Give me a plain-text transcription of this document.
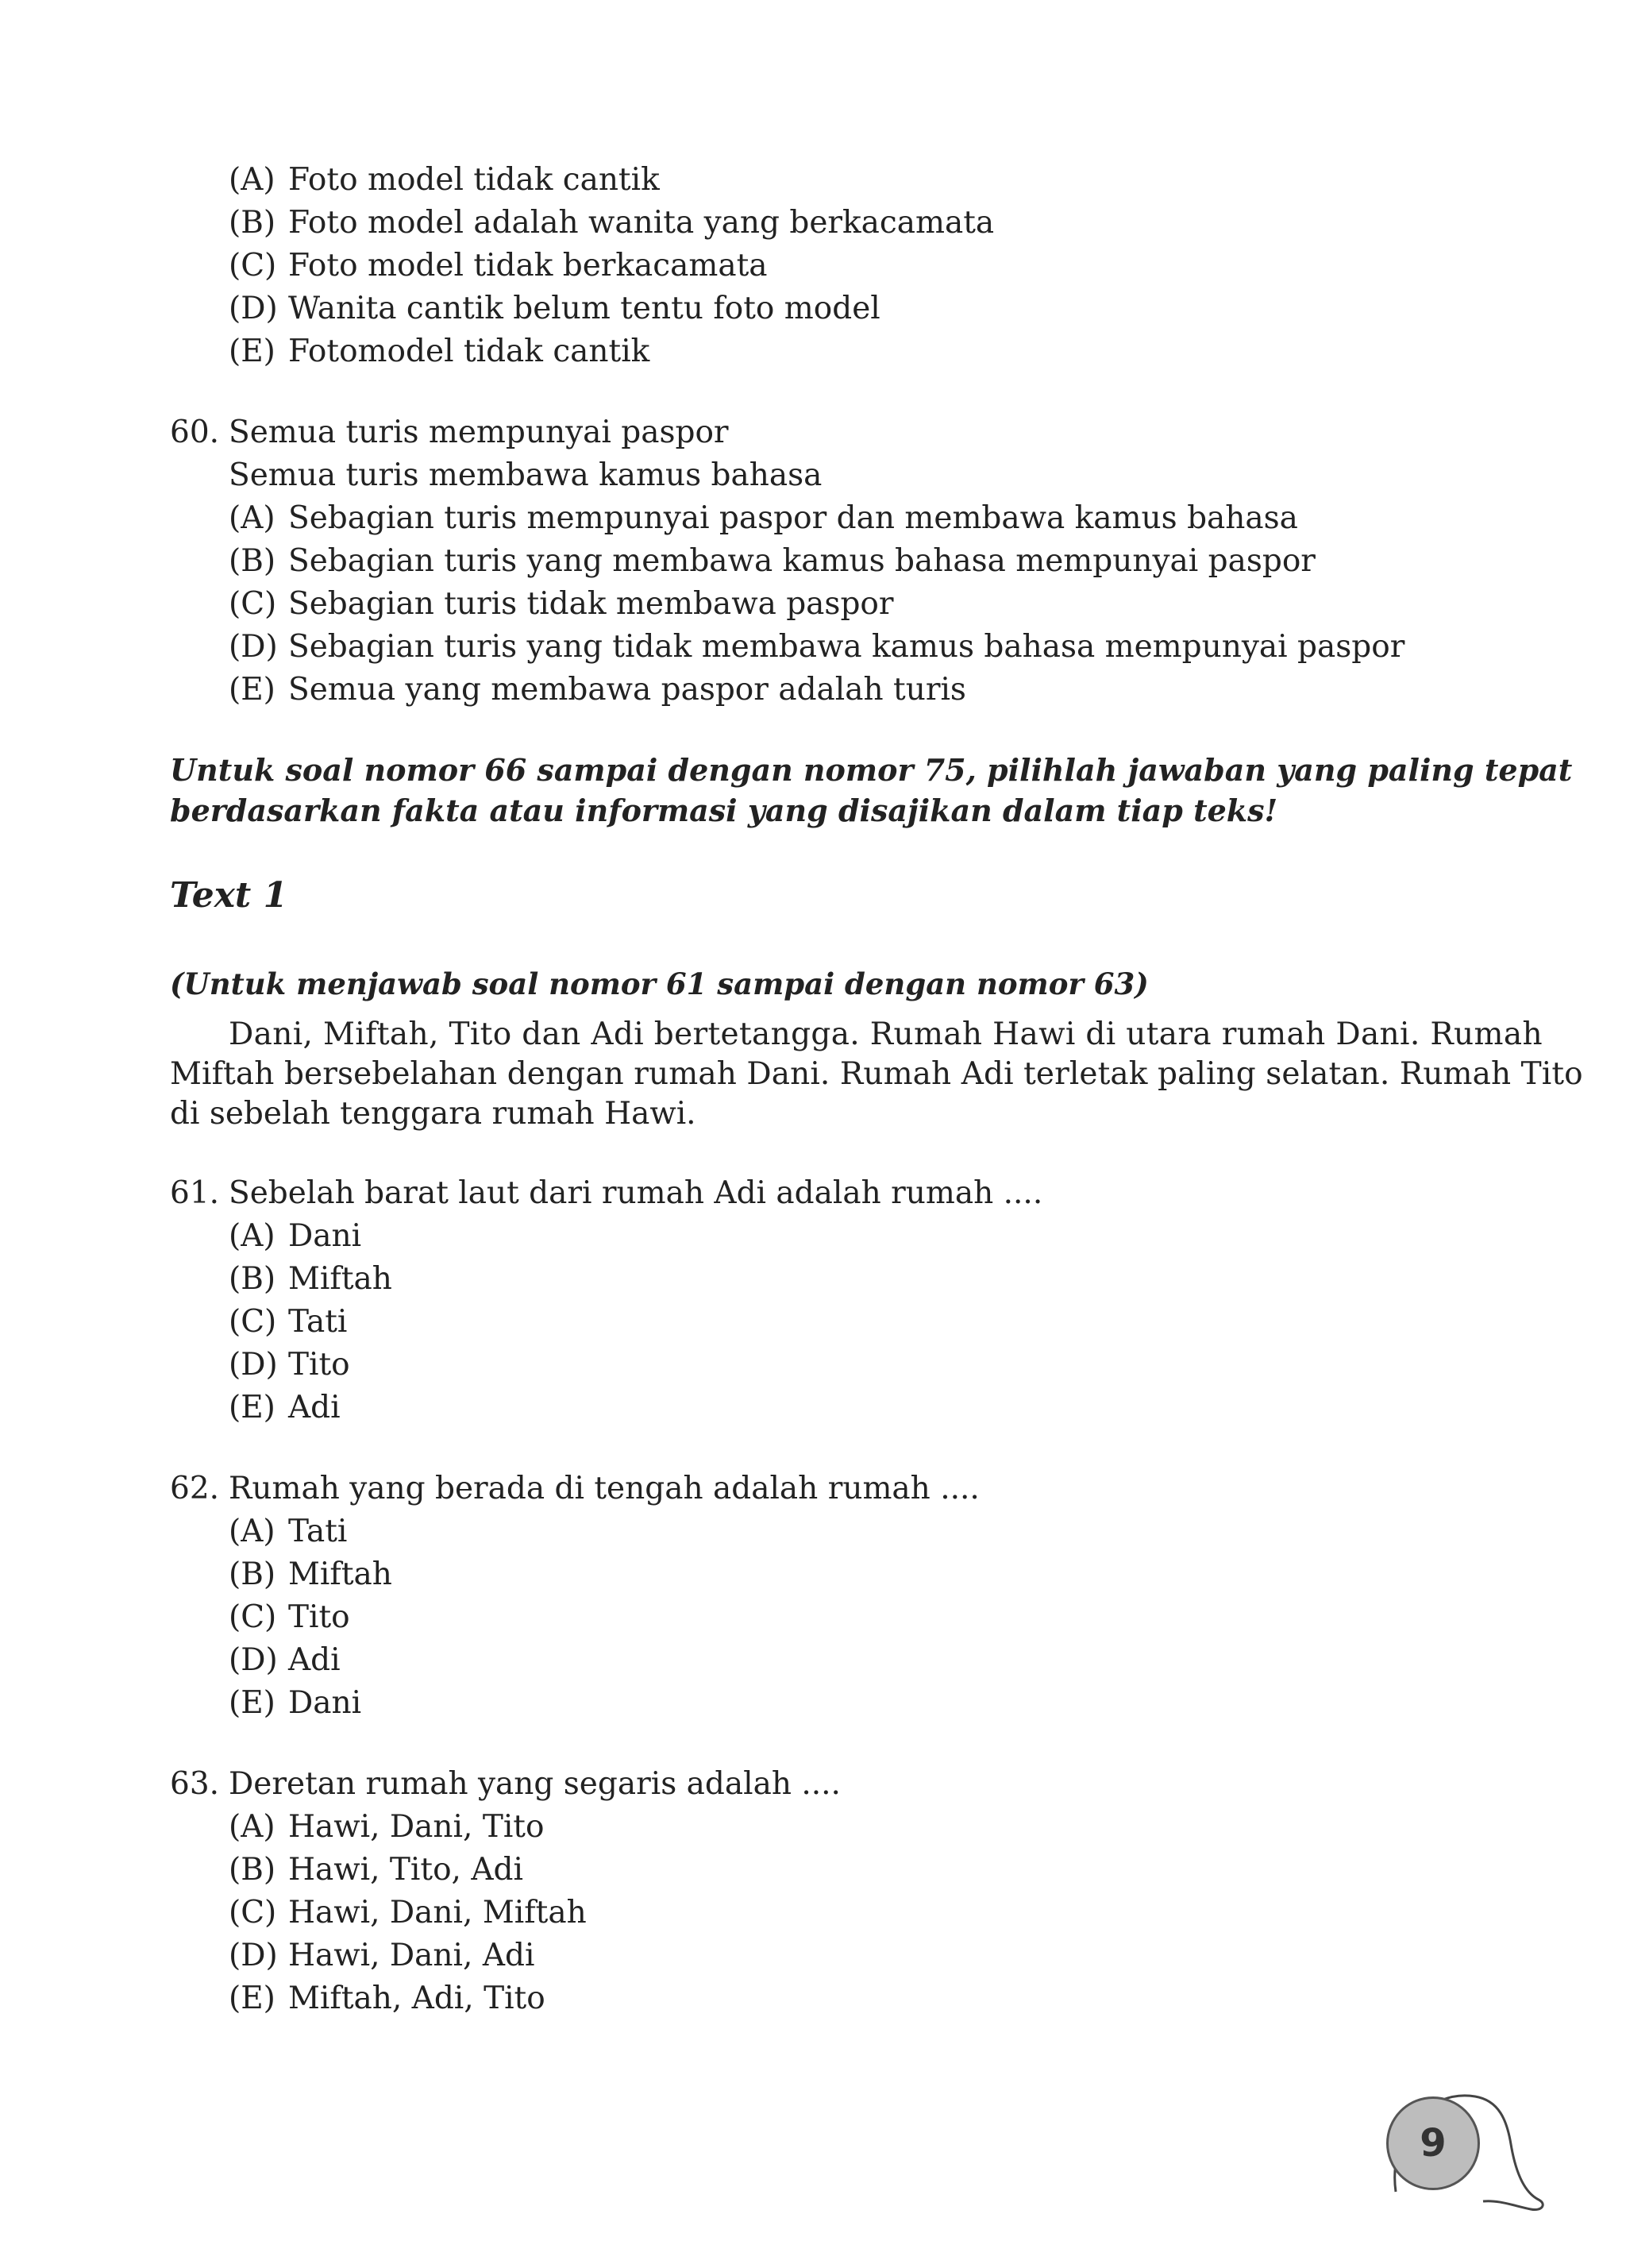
(A) Foto model tidak cantik
(B) Foto model adalah wanita yang berkacamata
(C) Foto model tidak berkacamata
(D) Wanita cantik belum tentu foto model
(E) Fotomodel tidak cantik
60. Semua turis mempunyai paspor
Semua turis membawa kamus bahasa
(A) Sebagian turis mempunyai paspor dan membawa kamus bahasa
(B) Sebagian turis yang membawa kamus bahasa mempunyai paspor
(C) Sebagian turis tidak membawa paspor
(D) Sebagian turis yang tidak membawa kamus bahasa mempunyai paspor
(E) Semua yang membawa paspor adalah turis
Untuk soal nomor 66 sampai dengan nomor 75, pilihlah jawaban yang paling tepat
berdasarkan fakta atau informasi yang disajikan dalam tiap teks!
Text 1
(Untuk menjawab soal nomor 61 sampai dengan nomor 63)
Dani, Miftah, Tito dan Adi bertetangga. Rumah Hawi di utara rumah Dani. Rumah
Miftah bersebelahan dengan rumah Dani. Rumah Adi terletak paling selatan. Rumah Tito
di sebelah tenggara rumah Hawi.
61. Sebelah barat laut dari rumah Adi adalah rumah ....
(A) Dani
(B) Miftah
(C) Tati
(D) Tito
(E) Adi
62. Rumah yang berada di tengah adalah rumah ....
(A) Tati
(B) Miftah
(C) Tito
(D) Adi
(E) Dani
63. Deretan rumah yang segaris adalah ....
(A) Hawi, Dani, Tito
(B) Hawi, Tito, Adi
(C) Hawi, Dani, Miftah
(D) Hawi, Dani, Adi
(E) Miftah, Adi, Tito
9
